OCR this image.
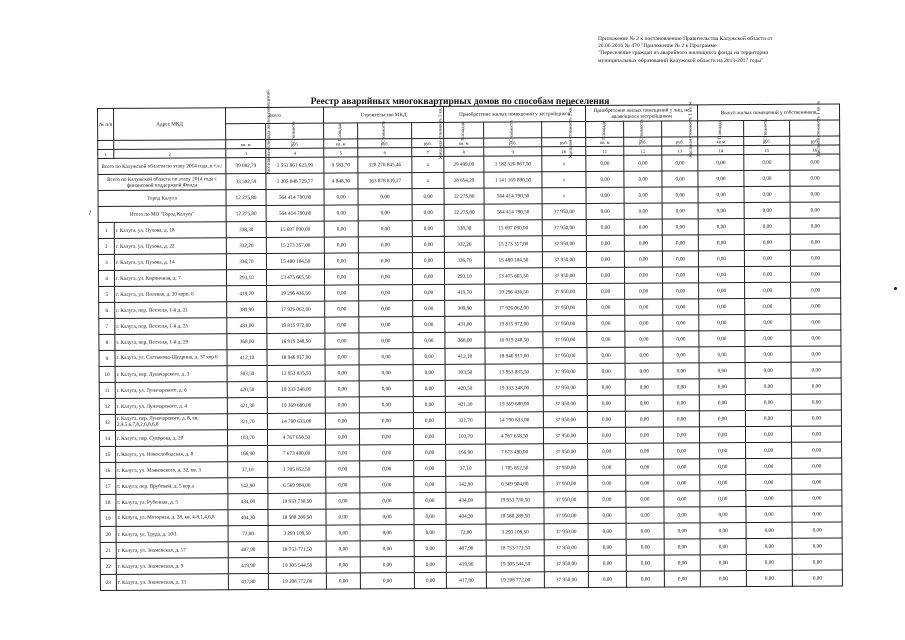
Приложение № 2 к постановлению Правительства Калужской области от
20.06.2016 № 470 "Приложение № 2 к Программе
"Переселение граждан из аварийного жилищного фонда на территории
муниципальных образований Калужской области на 2013-2017 годы"
Реестр аварийных многоквартирных домов по способам переселения
/
№ п/п	Адрес МКД	Всего		Строительство МКД			Приобретение жилых помещений у застройщиков			Приобретение жилых помещений у лиц, не являющихся застройщиком			Выкуп жилых помещений у собственников		
		Расселяемая площадь жилых помещений	Стоимость	Площадь	Стоимость	Удельная стоимость 1 кв. м	Площадь	Стоимость	Удельная стоимость 1 кв. м	Площадь	Стоимость	Удельная стоимость 1 кв. м	Площадь	Стоимость	Удельная стоимость 1 кв. м
		кв. м	руб.	кв. м	руб.	руб.	кв. м	руб.	руб.	кв. м	руб.	руб.	кв.м	руб.	руб.
1	2	3	4	5	6	7	8	9	10	11	12	13	14	15	16
Всего по Калужской области по этапу 2014 года, в т.ч.:		39 082,79	1 551 861 623,99	9 583,70	328 270 845,46	x	29 499,09	1 182 520 867,50	x	0,00	0,00	0,00	0,00	0,00	0,00
Всего по Калужской области по этапу 2014 года с финансовой поддержкой Фонда		33 502,59	1 305 048 729,77	4 848,30	163 878 839,27	x	28 654,29	1 141 169 890,50	x	0,00	0,00	0,00	0,00	0,00	0,00
Город Калуга		12 275,80	564 414 790,80	0,00	0,00	0,00	12 275,80	564 414 790,50	x	0,00	0,00	0,00	0,00	0,00	0,00
Итого по МО "Город Калуга"		12 275,80	564 414 790,80	0,00	0,00	0,00	12 275,80	564 414 790,50	37 950,00	0,00	0,00	0,00	0,00	0,00	0,00
1	г. Калуга, ул. Пухова, д. 18	338,30	15 697 090,00	0,00	0,00	0,00	338,30	15 697 090,00	37 950,00	0,00	0,00	0,00	0,00	0,00	0,00
2	г. Калуга, ул. Пухова, д. 22	332,20	15 273 357,00	0,00	0,00	0,00	332,20	15 273 357,00	37 950,00	0,00	0,00	0,00	0,00	0,00	0,00
3	г. Калуга, ул. Пухова, д. 14	336,70	15 480 184,50	0,00	0,00	0,00	336,70	15 480 184,50	37 950,00	0,00	0,00	0,00	0,00	0,00	0,00
4	г. Калуга, ул. Кирпичная, д. 7	293,10	13 475 665,50	0,00	0,00	0,00	293,10	13 475 665,50	37 950,00	0,00	0,00	0,00	0,00	0,00	0,00
5	г. Калуга, ул. Полевая, д. 20 корп. 6	419,70	19 296 436,50	0,00	0,00	0,00	419,70	19 296 436,50	37 950,00	0,00	0,00	0,00	0,00	0,00	0,00
6	г. Калуга, пер. Пестеля, 1-й д. 21	389,90	17 926 062,00	0,00	0,00	0,00	389,90	17 926 062,00	37 950,00	0,00	0,00	0,00	0,00	0,00	0,00
7	г. Калуга, пер. Пестеля, 1-й д. 25	431,00	19 815 972,00	0,00	0,00	0,00	431,00	19 815 972,00	37 950,00	0,00	0,00	0,00	0,00	0,00	0,00
8	г. Калуга, пер. Пестеля, 1-й д. 29	368,00	16 919 248,50	0,00	0,00	0,00	368,00	16 919 248,50	37 950,00	0,00	0,00	0,00	0,00	0,00	0,00
9	г. Калуга, ул. Салтыкова-Щедрина, д. 37 кор.6	412,10	18 946 917,00	0,00	0,00	0,00	412,10	18 946 917,00	37 950,00	0,00	0,00	0,00	0,00	0,00	0,00
10	г. Калуга, пер. Луначарского, д. 3	303,50	13 953 835,50	0,00	0,00	0,00	303,50	13 953 835,50	37 950,00	0,00	0,00	0,00	0,00	0,00	0,00
11	г. Калуга, ул. Луначарского, д. 6	420,50	19 333 248,00	0,00	0,00	0,00	420,50	19 333 248,00	37 950,00	0,00	0,00	0,00	0,00	0,00	0,00
12	г. Калуга, ул. Луначарского, д. 4	421,30	19 369 680,00	0,00	0,00	0,00	421,30	19 369 680,00	37 950,00	0,00	0,00	0,00	0,00	0,00	0,00
13	г. Калуга, пер. Луначарского, д. 8, кв. 2,4,5,6,7,8,2,6,8,6,8	321,70	14 790 633,00	0,00	0,00	0,00	321,70	14 790 633,00	37 950,00	0,00	0,00	0,00	0,00	0,00	0,00
14	г. Калуга, пер. Суворова, д. 20	103,70	4 767 658,50	0,00	0,00	0,00	103,70	4 767 658,50	37 950,00	0,00	0,00	0,00	0,00	0,00	0,00
15	г. Калуга, ул. Новослободская, д. 8	166,90	7 673 490,00	0,00	0,00	0,00	166,90	7 673 490,00	37 950,00	0,00	0,00	0,00	0,00	0,00	0,00
16	г. Калуга, ул. Маяковского, д. 32, кв. 3	37,10	1 705 852,50	0,00	0,00	0,00	37,10	1 705 852,50	37 950,00	0,00	0,00	0,00	0,00	0,00	0,00
17	г. Калуга, пер. Врубовой, д. 5 кор.а	142,90	6 569 904,00	0,00	0,00	0,00	142,90	6 569 904,00	37 950,00	0,00	0,00	0,00	0,00	0,00	0,00
18	г. Калуга, ул. Рубенная, д. 5	434,00	19 953 730,50	0,00	0,00	0,00	434,00	19 953 730,50	37 950,00	0,00	0,00	0,00	0,00	0,00	0,00
19	г. Калуга, ул. Моторная, д. 28, кв. 4-8,1,4,6,8	404,30	18 588 289,50	0,00	0,00	0,00	404,30	18 588 289,50	37 950,00	0,00	0,00	0,00	0,00	0,00	0,00
20	г. Калуга, ул. Труда, д. 10/1	72,80	3 293 109,50	0,00	0,00	0,00	72,80	3 293 109,50	37 950,00	0,00	0,00	0,00	0,00	0,00	0,00
21	г. Калуга, ул. Знаменская, д. 17	407,90	18 753 771,50	0,00	0,00	0,00	407,90	18 753 771,50	37 950,00	0,00	0,00	0,00	0,00	0,00	0,00
22	г. Калуга, ул. Знаменская, д. 9	419,90	19 305 544,50	0,00	0,00	0,00	419,90	19 305 544,50	37 950,00	0,00	0,00	0,00	0,00	0,00	0,00
23	г. Калуга, ул. Знаменская, д. 13	417,80	19 208 772,00	0,00	0,00	0,00	417,80	19 208 772,00	37 950,00	0,00	0,00	0,00	0,00	0,00	0,00
